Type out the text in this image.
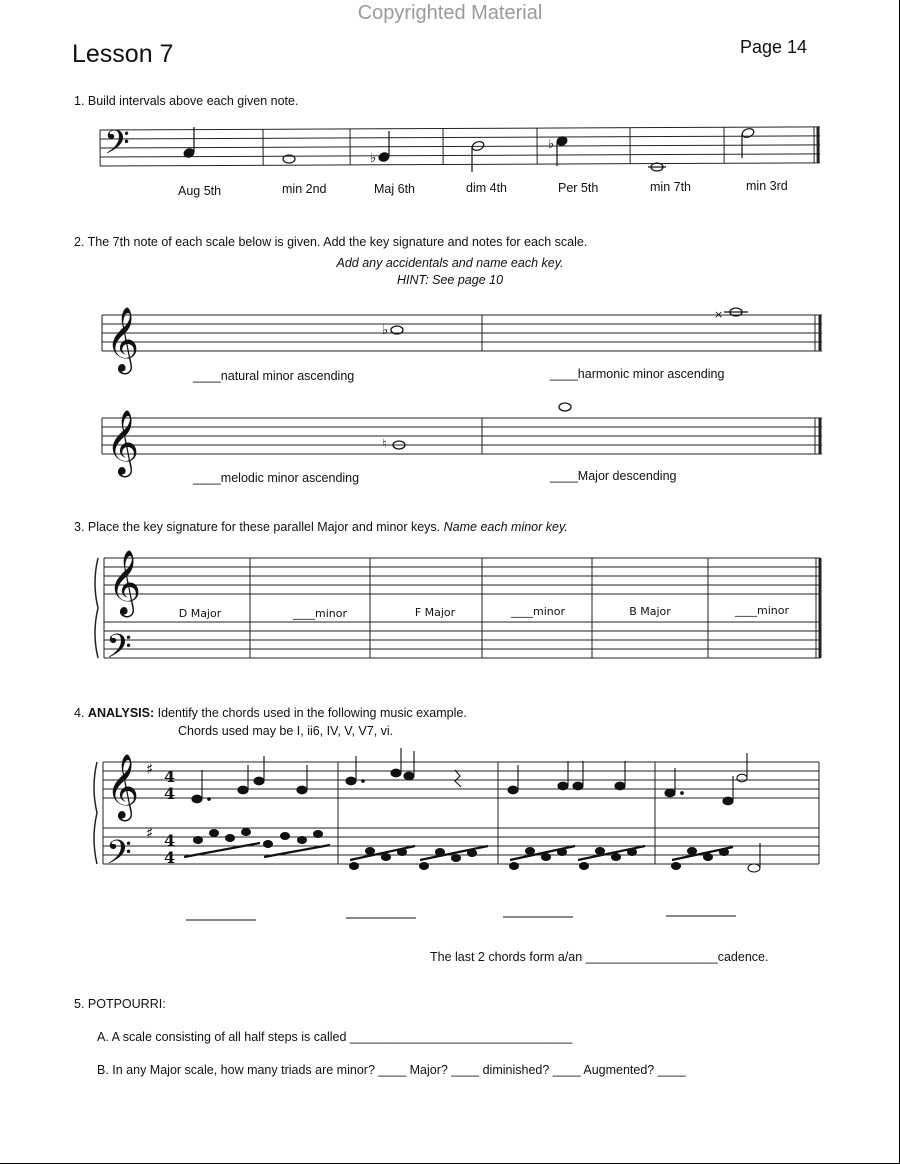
Copyrighted Material
Lesson 7	Page 14
1. Build intervals above each given note.
Aug 5th	min 2nd	Maj 6th	dim 4th	Per 5th	min 7th	min 3rd
2. The 7th note of each scale below is given. Add the key signature and notes for each scale.
Add any accidentals and name each key.
HINT: See page 10
____natural minor ascending	____harmonic minor ascending
____melodic minor ascending	____Major descending
3. Place the key signature for these parallel Major and minor keys. Name each minor key.
D Major	____minor	F Major	____minor	B Major	____minor
4. ANALYSIS: Identify the chords used in the following music example.
Chords used may be I, ii6, IV, V, V7, vi.
The last 2 chords form a/an ___________________cadence.
5. POTPOURRI:
A. A scale consisting of all half steps is called ________________________________
B. In any Major scale, how many triads are minor? ____ Major? ____ diminished? ____ Augmented? ____
𝄢
𝄞
𝄞
𝄞
𝄢
𝄞
𝄢
♯
♯
4
4
4
4
♭
♭
♭
×
♮
